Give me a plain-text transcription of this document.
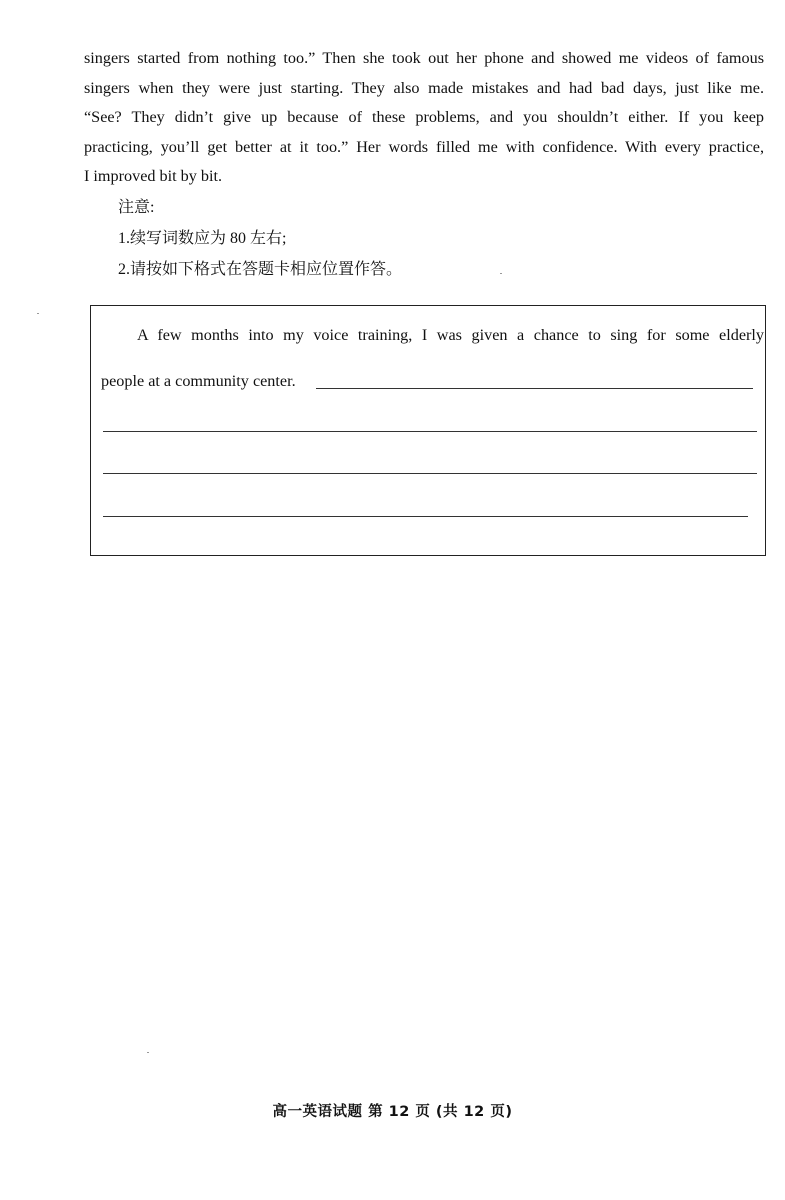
singers started from nothing too.” Then she took out her phone and showed me videos of famous
singers when they were just starting. They also made mistakes and had bad days, just like me.
“See? They didn’t give up because of these problems, and you shouldn’t either. If you keep
practicing, you’ll get better at it too.” Her words filled me with confidence. With every practice,
I improved bit by bit.
注意:
1.续写词数应为 80 左右;
2.请按如下格式在答题卡相应位置作答。
A few months into my voice training, I was given a chance to sing for some elderly
people at a community center.
高一英语试题 第 12 页 (共 12 页)
